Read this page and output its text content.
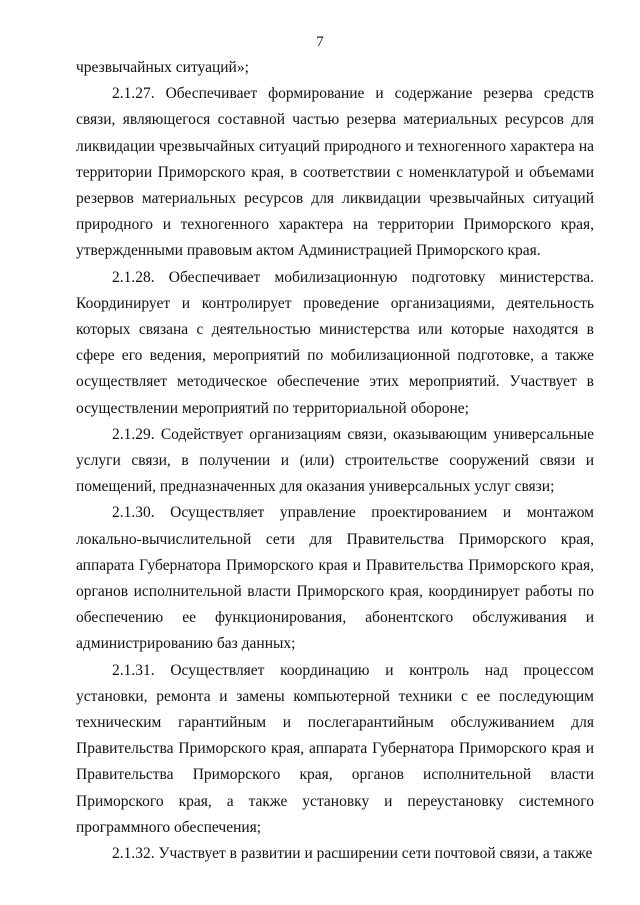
7

чрезвычайных ситуаций»;

2.1.27. Обеспечивает формирование и содержание резерва средств связи, являющегося составной частью резерва материальных ресурсов для ликвидации чрезвычайных ситуаций природного и техногенного характера на территории Приморского края, в соответствии с номенклатурой и объемами резервов материальных ресурсов для ликвидации чрезвычайных ситуаций природного и техногенного характера на территории Приморского края, утвержденными правовым актом Администрацией Приморского края.

2.1.28. Обеспечивает мобилизационную подготовку министерства. Координирует и контролирует проведение организациями, деятельность которых связана с деятельностью министерства или которые находятся в сфере его ведения, мероприятий по мобилизационной подготовке, а также осуществляет методическое обеспечение этих мероприятий. Участвует в осуществлении мероприятий по территориальной обороне;

2.1.29. Содействует организациям связи, оказывающим универсальные услуги связи, в получении и (или) строительстве сооружений связи и помещений, предназначенных для оказания универсальных услуг связи;

2.1.30. Осуществляет управление проектированием и монтажом локально-вычислительной сети для Правительства Приморского края, аппарата Губернатора Приморского края и Правительства Приморского края, органов исполнительной власти Приморского края, координирует работы по обеспечению ее функционирования, абонентского обслуживания и администрированию баз данных;

2.1.31. Осуществляет координацию и контроль над процессом установки, ремонта и замены компьютерной техники с ее последующим техническим гарантийным и послегарантийным обслуживанием для Правительства Приморского края, аппарата Губернатора Приморского края и Правительства Приморского края, органов исполнительной власти Приморского края, а также установку и переустановку системного программного обеспечения;

2.1.32. Участвует в развитии и расширении сети почтовой связи, а также
